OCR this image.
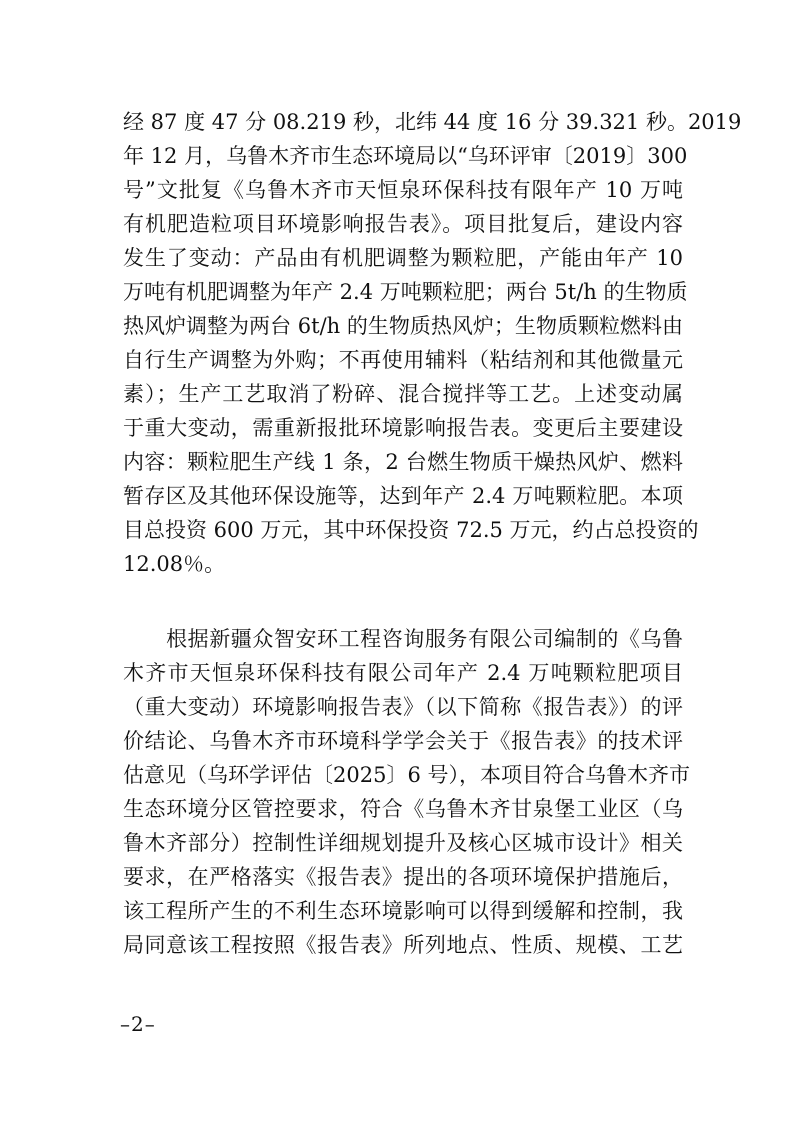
经 87 度 47 分 08.219 秒，北纬 44 度 16 分 39.321 秒。2019
年 12 月，乌鲁木齐市生态环境局以“乌环评审〔2019〕300
号”文批复《乌鲁木齐市天恒泉环保科技有限年产 10 万吨
有机肥造粒项目环境影响报告表》。项目批复后，建设内容
发生了变动：产品由有机肥调整为颗粒肥，产能由年产 10
万吨有机肥调整为年产 2.4 万吨颗粒肥；两台 5t/h 的生物质
热风炉调整为两台 6t/h 的生物质热风炉；生物质颗粒燃料由
自行生产调整为外购；不再使用辅料（粘结剂和其他微量元
素）；生产工艺取消了粉碎、混合搅拌等工艺。上述变动属
于重大变动，需重新报批环境影响报告表。变更后主要建设
内容：颗粒肥生产线 1 条，2 台燃生物质干燥热风炉、燃料
暂存区及其他环保设施等，达到年产 2.4 万吨颗粒肥。本项
目总投资 600 万元，其中环保投资 72.5 万元，约占总投资的
12.08％。
　　根据新疆众智安环工程咨询服务有限公司编制的《乌鲁
木齐市天恒泉环保科技有限公司年产 2.4 万吨颗粒肥项目
（重大变动）环境影响报告表》（以下简称《报告表》）的评
价结论、乌鲁木齐市环境科学学会关于《报告表》的技术评
估意见（乌环学评估〔2025〕6 号），本项目符合乌鲁木齐市
生态环境分区管控要求，符合《乌鲁木齐甘泉堡工业区（乌
鲁木齐部分）控制性详细规划提升及核心区城市设计》相关
要求，在严格落实《报告表》提出的各项环境保护措施后，
该工程所产生的不利生态环境影响可以得到缓解和控制，我
局同意该工程按照《报告表》所列地点、性质、规模、工艺
–2–
